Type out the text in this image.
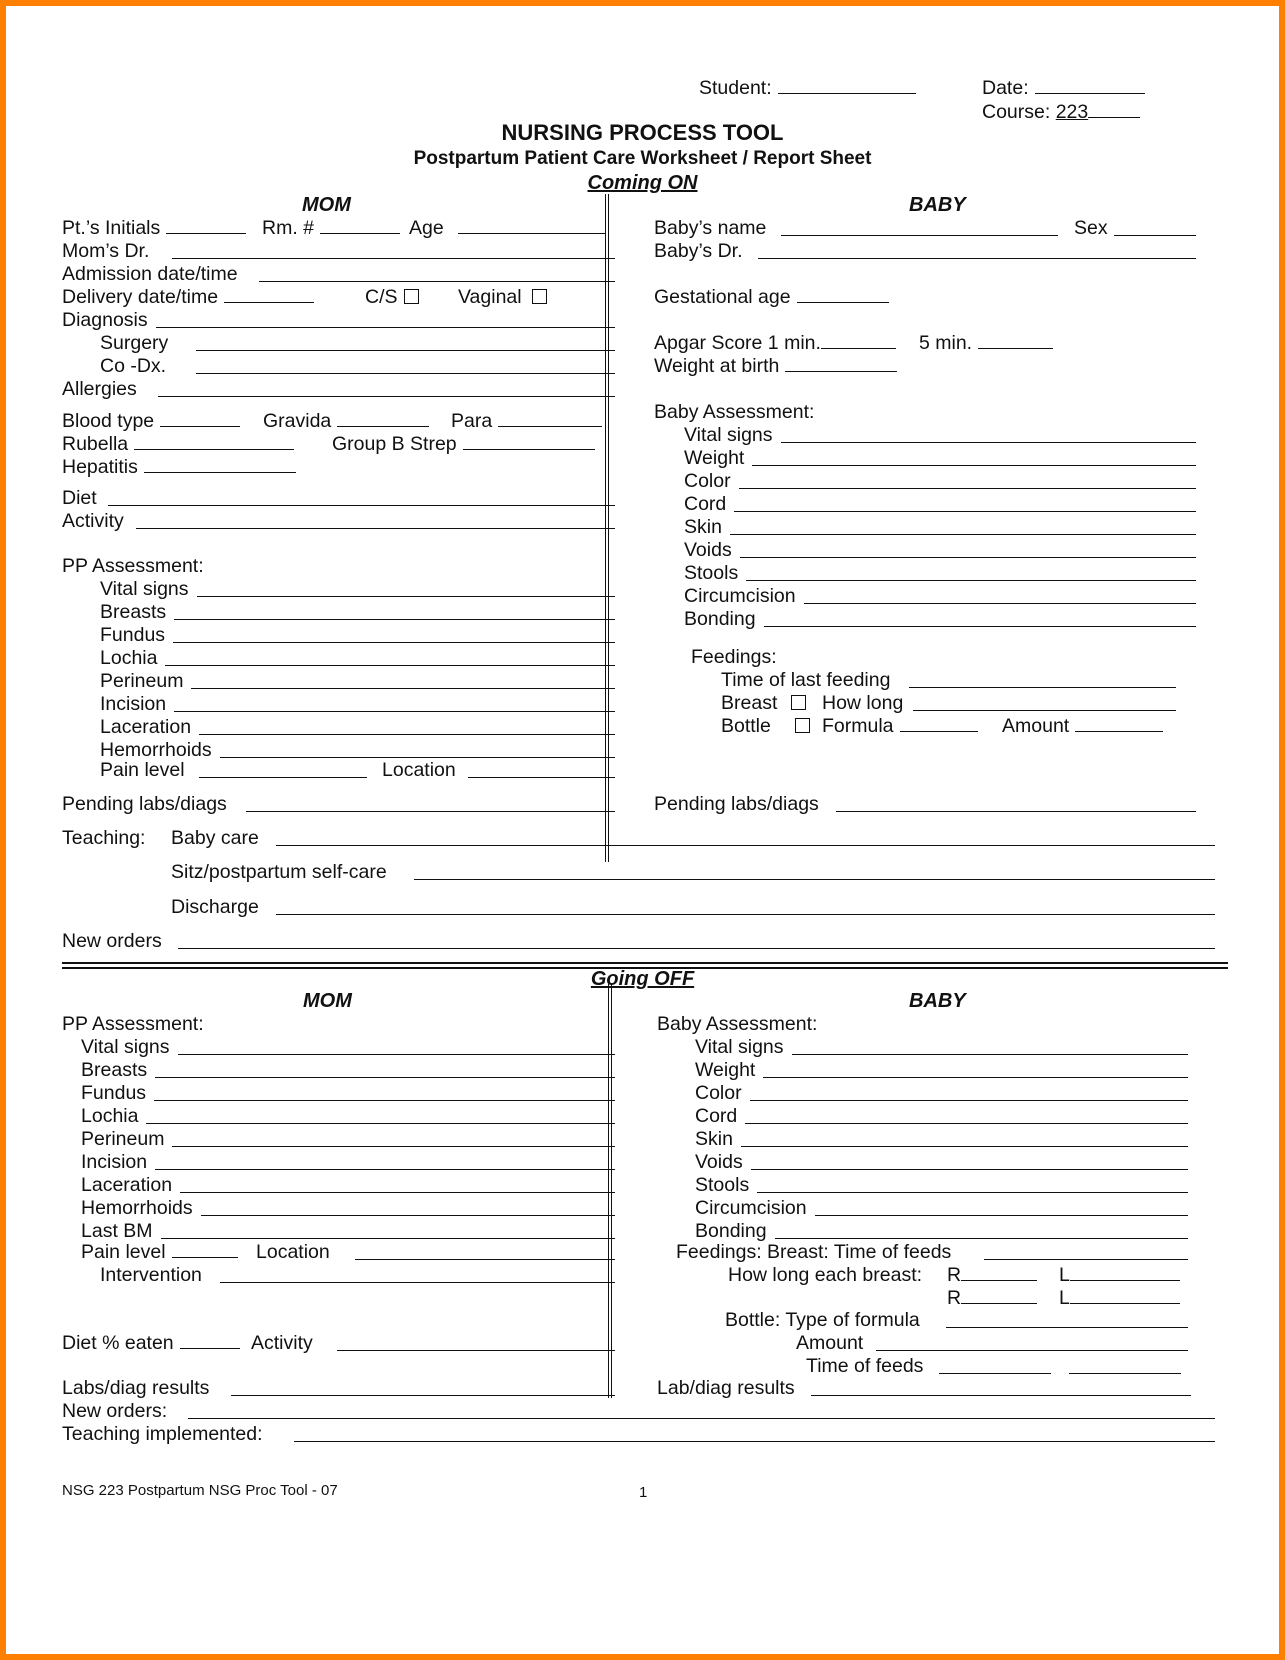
Student:	Date:
Course: 223
NURSING PROCESS TOOL
Postpartum Patient Care Worksheet / Report Sheet
Coming ON
MOM
Pt.’s Initials	Rm. #	Age
Mom’s Dr.
Admission date/time
Delivery date/time	C/S	Vaginal
Diagnosis
Surgery
Co -Dx.
Allergies
Blood type	Gravida	Para
Rubella	Group B Strep
Hepatitis
Diet
Activity
PP Assessment:
Vital signs
Breasts
Fundus
Lochia
Perineum
Incision
Laceration
Hemorrhoids
Pain level	Location
Pending labs/diags
BABY
Baby’s name	Sex
Baby’s Dr.
Gestational age
Apgar Score 1 min.	5 min.
Weight at birth
Baby Assessment:
Vital signs
Weight
Color
Cord
Skin
Voids
Stools
Circumcision
Bonding
Feedings:
Time of last feeding
Breast	How long
Bottle	Formula	Amount
Pending labs/diags
Teaching: Baby care
Sitz/postpartum self-care
Discharge
New orders
Going OFF
MOM
PP Assessment:
Vital signs
Breasts
Fundus
Lochia
Perineum
Incision
Laceration
Hemorrhoids
Last BM
Pain level	Location
Intervention
Diet % eaten	Activity
Labs/diag results
BABY
Baby Assessment:
Vital signs
Weight
Color
Cord
Skin
Voids
Stools
Circumcision
Bonding
Feedings: Breast: Time of feeds
How long each breast: R	L
R	L
Bottle: Type of formula
Amount
Time of feeds
Lab/diag results
New orders:
Teaching implemented:
NSG 223 Postpartum NSG Proc Tool - 07	1
